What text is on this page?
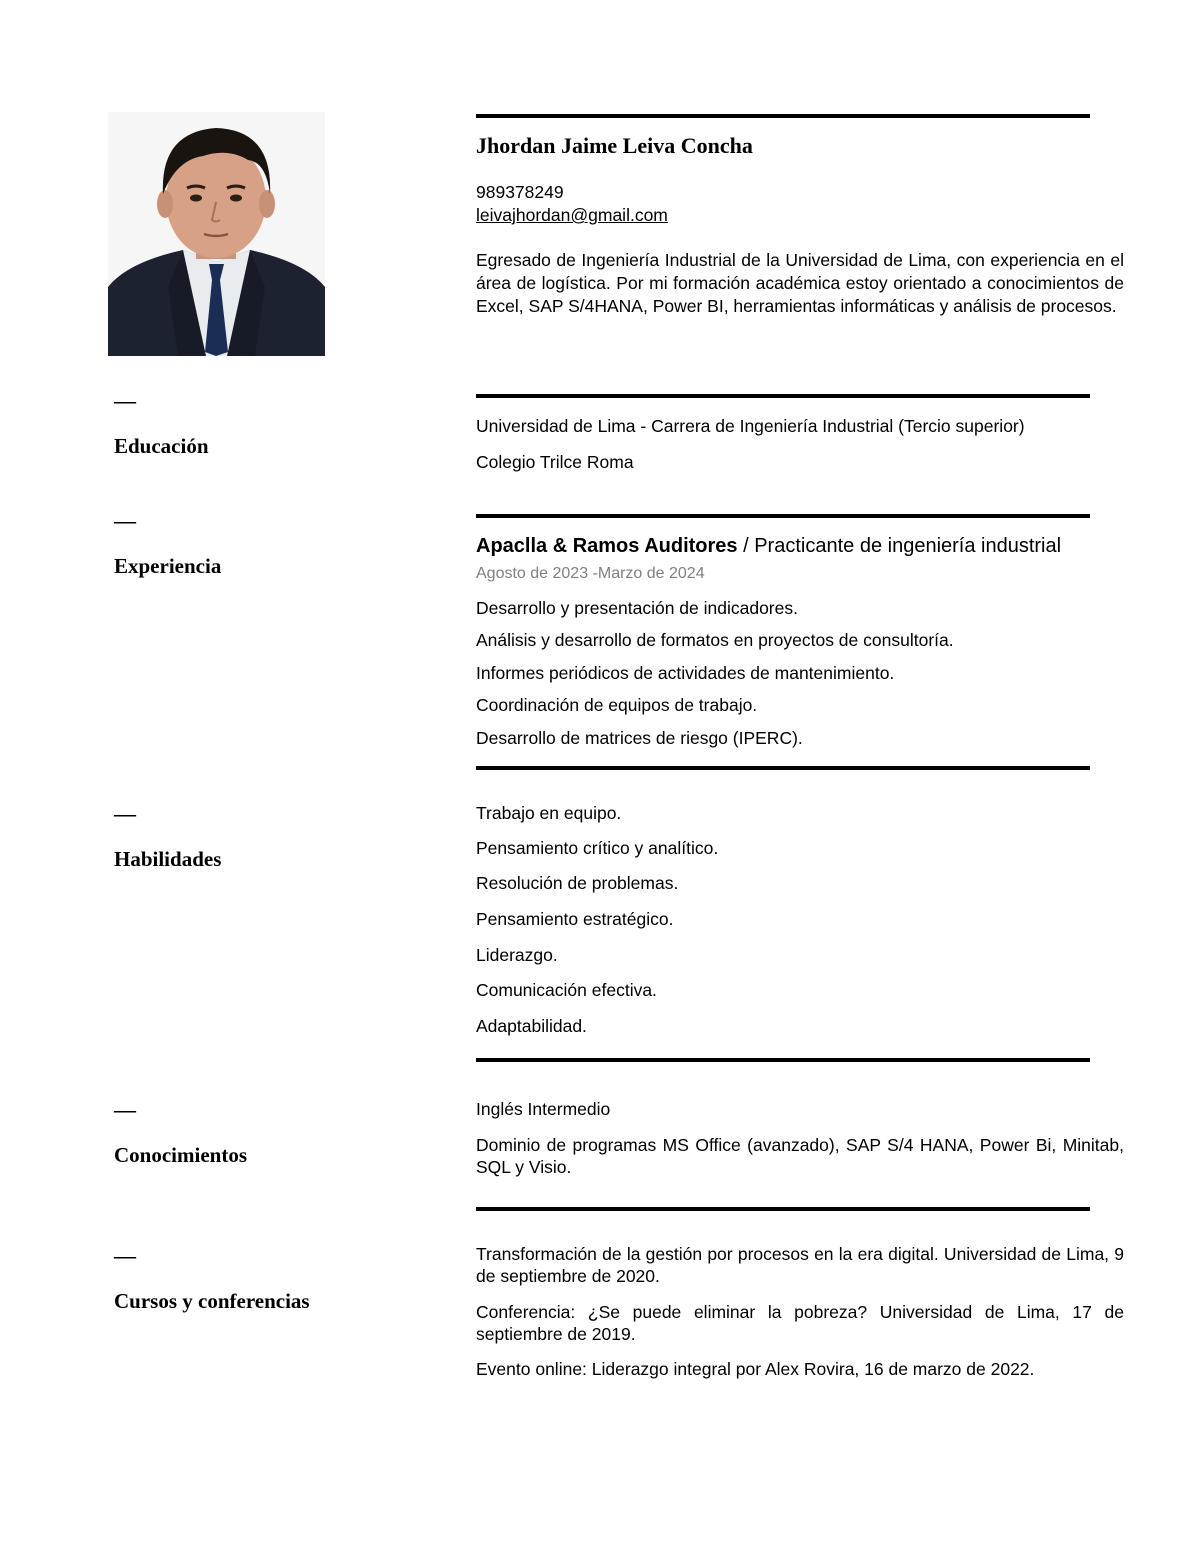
Jhordan Jaime Leiva Concha
989378249
leivajhordan@gmail.com
Egresado de Ingeniería Industrial de la Universidad de Lima, con experiencia en el área de logística. Por mi formación académica estoy orientado a conocimientos de Excel, SAP S/4HANA, Power BI, herramientas informáticas y análisis de procesos.
—
Educación
Universidad de Lima - Carrera de Ingeniería Industrial (Tercio superior)
Colegio Trilce Roma
—
Experiencia
Apaclla & Ramos Auditores / Practicante de ingeniería industrial
Agosto de 2023 -Marzo de 2024
Desarrollo y presentación de indicadores.
Análisis y desarrollo de formatos en proyectos de consultoría.
Informes periódicos de actividades de mantenimiento.
Coordinación de equipos de trabajo.
Desarrollo de matrices de riesgo (IPERC).
—
Habilidades
Trabajo en equipo.
Pensamiento crítico y analítico.
Resolución de problemas.
Pensamiento estratégico.
Liderazgo.
Comunicación efectiva.
Adaptabilidad.
—
Conocimientos
Inglés Intermedio
Dominio de programas MS Office (avanzado), SAP S/4 HANA, Power Bi, Minitab, SQL y Visio.
—
Cursos y conferencias
Transformación de la gestión por procesos en la era digital. Universidad de Lima, 9 de septiembre de 2020.
Conferencia: ¿Se puede eliminar la pobreza? Universidad de Lima, 17 de septiembre de 2019.
Evento online: Liderazgo integral por Alex Rovira, 16 de marzo de 2022.
